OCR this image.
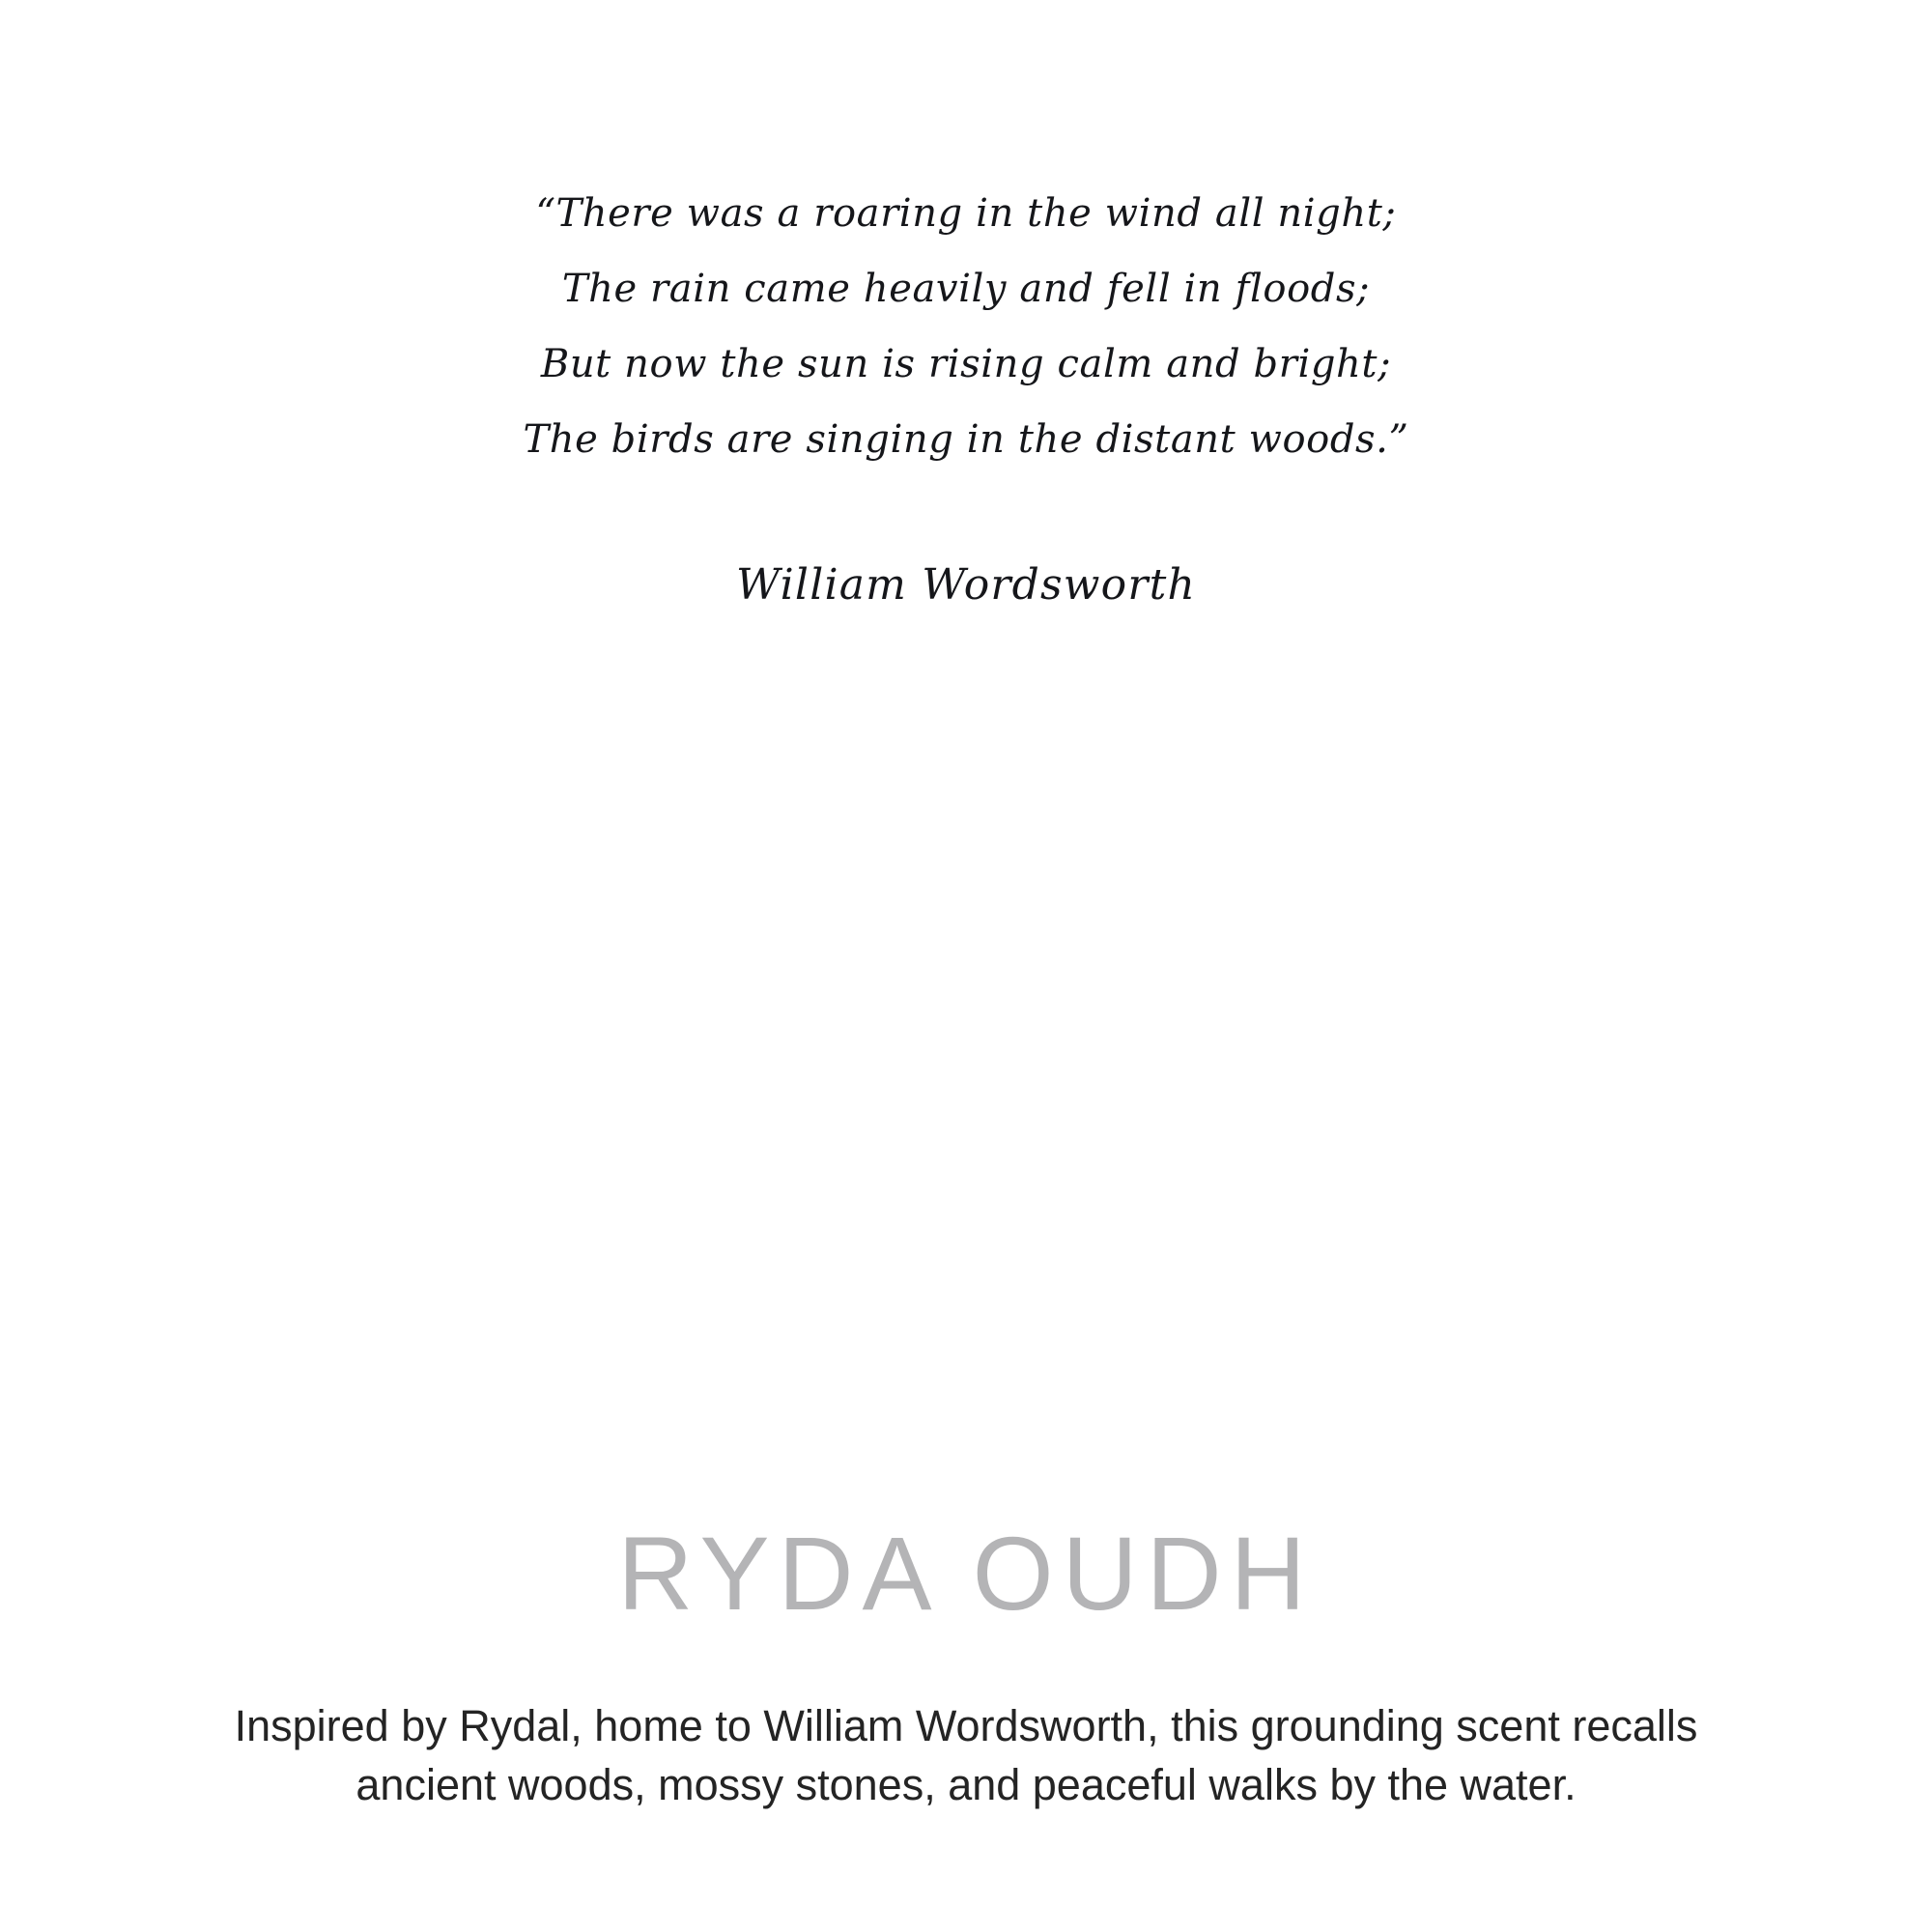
“There was a roaring in the wind all night;
The rain came heavily and fell in floods;
But now the sun is rising calm and bright;
The birds are singing in the distant woods.”
William Wordsworth
RYDA OUDH
Inspired by Rydal, home to William Wordsworth, this grounding scent recalls ancient woods, mossy stones, and peaceful walks by the water.
